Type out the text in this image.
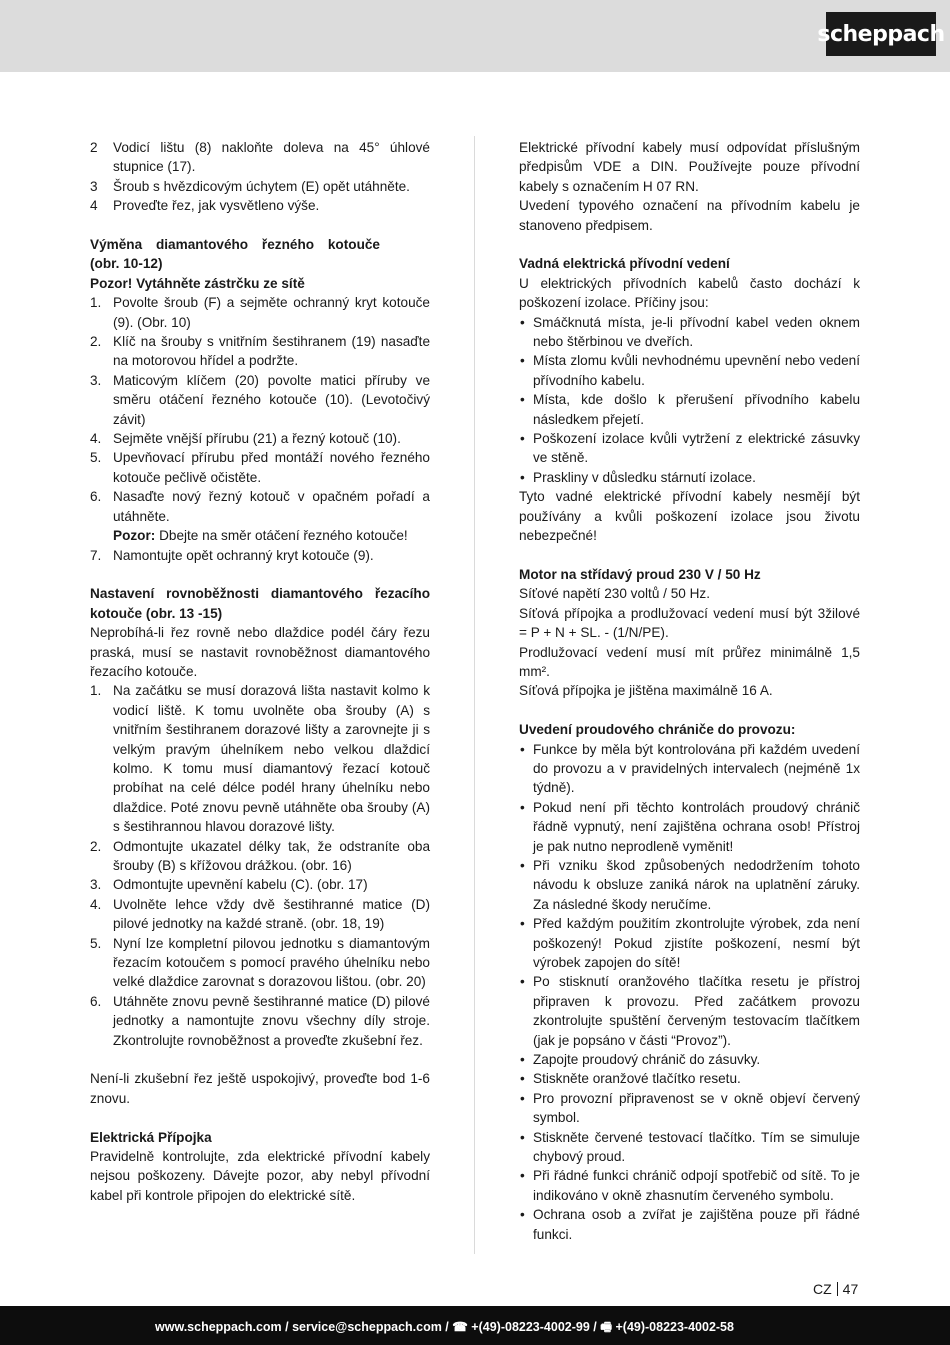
scheppach
2 Vodicí lištu (8) nakloňte doleva na 45° úhlové stupnice (17).
3 Šroub s hvězdicovým úchytem (E) opět utáhněte.
4 Proveďte řez, jak vysvětleno výše.

Výměna diamantového řezného kotouče (obr. 10-12)

Pozor! Vytáhněte zástrčku ze sítě

1. Povolte šroub (F) a sejměte ochranný kryt kotouče (9). (Obr. 10)
2. Klíč na šrouby s vnitřním šestihranem (19) nasaďte na motorovou hřídel a podržte.
3. Maticovým klíčem (20) povolte matici příruby ve směru otáčení řezného kotouče (10). (Levotočivý závit)
4. Sejměte vnější přírubu (21) a řezný kotouč (10).
5. Upevňovací přírubu před montáží nového řezného kotouče pečlivě očistěte.
6. Nasaďte nový řezný kotouč v opačném pořadí a utáhněte.
Pozor: Dbejte na směr otáčení řezného kotouče!
7. Namontujte opět ochranný kryt kotouče (9).

Nastavení rovnoběžnosti diamantového řezacího kotouče (obr. 13 -15)

Neprobíhá-li řez rovně nebo dlaždice podél čáry řezu praská, musí se nastavit rovnoběžnost diamantového řezacího kotouče.

1. Na začátku se musí dorazová lišta nastavit kolmo k vodicí liště. K tomu uvolněte oba šrouby (A) s vnitřním šestihranem dorazové lišty a zarovnejte ji s velkým pravým úhelníkem nebo velkou dlaždicí kolmo. K tomu musí diamantový řezací kotouč probíhat na celé délce podél hrany úhelníku nebo dlaždice. Poté znovu pevně utáhněte oba šrouby (A) s šestihrannou hlavou dorazové lišty.
2. Odmontujte ukazatel délky tak, že odstraníte oba šrouby (B) s křížovou drážkou. (obr. 16)
3. Odmontujte upevnění kabelu (C). (obr. 17)
4. Uvolněte lehce vždy dvě šestihranné matice (D) pilové jednotky na každé straně. (obr. 18, 19)
5. Nyní lze kompletní pilovou jednotku s diamantovým řezacím kotoučem s pomocí pravého úhelníku nebo velké dlaždice zarovnat s dorazovou lištou. (obr. 20)
6. Utáhněte znovu pevně šestihranné matice (D) pilové jednotky a namontujte znovu všechny díly stroje. Zkontrolujte rovnoběžnost a proveďte zkušební řez.

Není-li zkušební řez ještě uspokojivý, proveďte bod 1-6 znovu.

Elektrická Přípojka

Pravidelně kontrolujte, zda elektrické přívodní kabely nejsou poškozeny. Dávejte pozor, aby nebyl přívodní kabel při kontrole připojen do elektrické sítě.

Elektrické přívodní kabely musí odpovídat příslušným předpisům VDE a DIN. Používejte pouze přívodní kabely s označením H 07 RN.

Uvedení typového označení na přívodním kabelu je stanoveno předpisem.

Vadná elektrická přívodní vedení

U elektrických přívodních kabelů často dochází k poškození izolace. Příčiny jsou:

• Smáčknutá místa, je-li přívodní kabel veden oknem nebo štěrbinou ve dveřích.
• Místa zlomu kvůli nevhodnému upevnění nebo vedení přívodního kabelu.
• Místa, kde došlo k přerušení přívodního kabelu následkem přejetí.
• Poškození izolace kvůli vytržení z elektrické zásuvky ve stěně.
• Praskliny v důsledku stárnutí izolace.

Tyto vadné elektrické přívodní kabely nesmějí být používány a kvůli poškození izolace jsou životu nebezpečné!

Motor na střídavý proud 230 V / 50 Hz

Síťové napětí 230 voltů / 50 Hz.

Síťová přípojka a prodlužovací vedení musí být 3žilové = P + N + SL. - (1/N/PE).

Prodlužovací vedení musí mít průřez minimálně 1,5 mm².

Síťová přípojka je jištěna maximálně 16 A.

Uvedení proudového chrániče do provozu:

• Funkce by měla být kontrolována při každém uvedení do provozu a v pravidelných intervalech (nejméně 1x týdně).
• Pokud není při těchto kontrolách proudový chránič řádně vypnutý, není zajištěna ochrana osob! Přístroj je pak nutno neprodleně vyměnit!
• Při vzniku škod způsobených nedodržením tohoto návodu k obsluze zaniká nárok na uplatnění záruky. Za následné škody neručíme.
• Před každým použitím zkontrolujte výrobek, zda není poškozený! Pokud zjistíte poškození, nesmí být výrobek zapojen do sítě!
• Po stisknutí oranžového tlačítka resetu je přístroj připraven k provozu. Před začátkem provozu zkontrolujte spuštění červeným testovacím tlačítkem (jak je popsáno v části “Provoz”).
• Zapojte proudový chránič do zásuvky.
• Stiskněte oranžové tlačítko resetu.
• Pro provozní připravenost se v okně objeví červený symbol.
• Stiskněte červené testovací tlačítko. Tím se simuluje chybový proud.
• Při řádné funkci chránič odpojí spotřebič od sítě. To je indikováno v okně zhasnutím červeného symbolu.
• Ochrana osob a zvířat je zajištěna pouze při řádné funkci.
CZ 47
www.scheppach.com / service@scheppach.com / ☎ +(49)-08223-4002-99 / 🖷 +(49)-08223-4002-58
